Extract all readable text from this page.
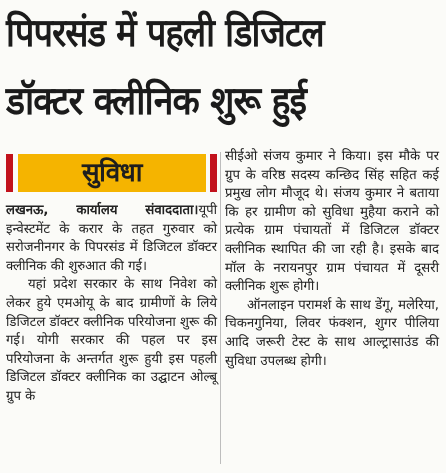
पिपरसंड में पहली डिजिटल
डॉक्टर क्लीनिक शुरू हुई
सुविधा

लखनऊ, कार्यालय संवाददाता।यूपी इन्वेस्टमेंट के करार के तहत गुरुवार को सरोजनीनगर के पिपरसंड में डिजिटल डॉक्टर क्लीनिक की शुरुआत की गई।

यहां प्रदेश सरकार के साथ निवेश को लेकर हुये एमओयू के बाद ग्रामीणों के लिये डिजिटल डॉक्टर क्लीनिक परियोजना शुरू की गई। योगी सरकार की पहल पर इस परियोजना के अन्तर्गत शुरू हुयी इस पहली डिजिटल डॉक्टर क्लीनिक का उद्घाटन ओल्बू ग्रुप के

सीईओ संजय कुमार ने किया। इस मौके पर ग्रुप के वरिष्ठ सदस्य कन्छिद सिंह सहित कई प्रमुख लोग मौजूद थे। संजय कुमार ने बताया कि हर ग्रामीण को सुविधा मुहैया कराने को प्रत्येक ग्राम पंचायतों में डिजिटल डॉक्टर क्लीनिक स्थापित की जा रही है। इसके बाद मॉल के नरायनपुर ग्राम पंचायत में दूसरी क्लीनिक शुरू होगी।

ऑनलाइन परामर्श के साथ डेंगू, मलेरिया, चिकनगुनिया, लिवर फंक्शन, शुगर पीलिया आदि जरूरी टेस्ट के साथ आल्ट्रासाउंड की सुविधा उपलब्ध होगी।
